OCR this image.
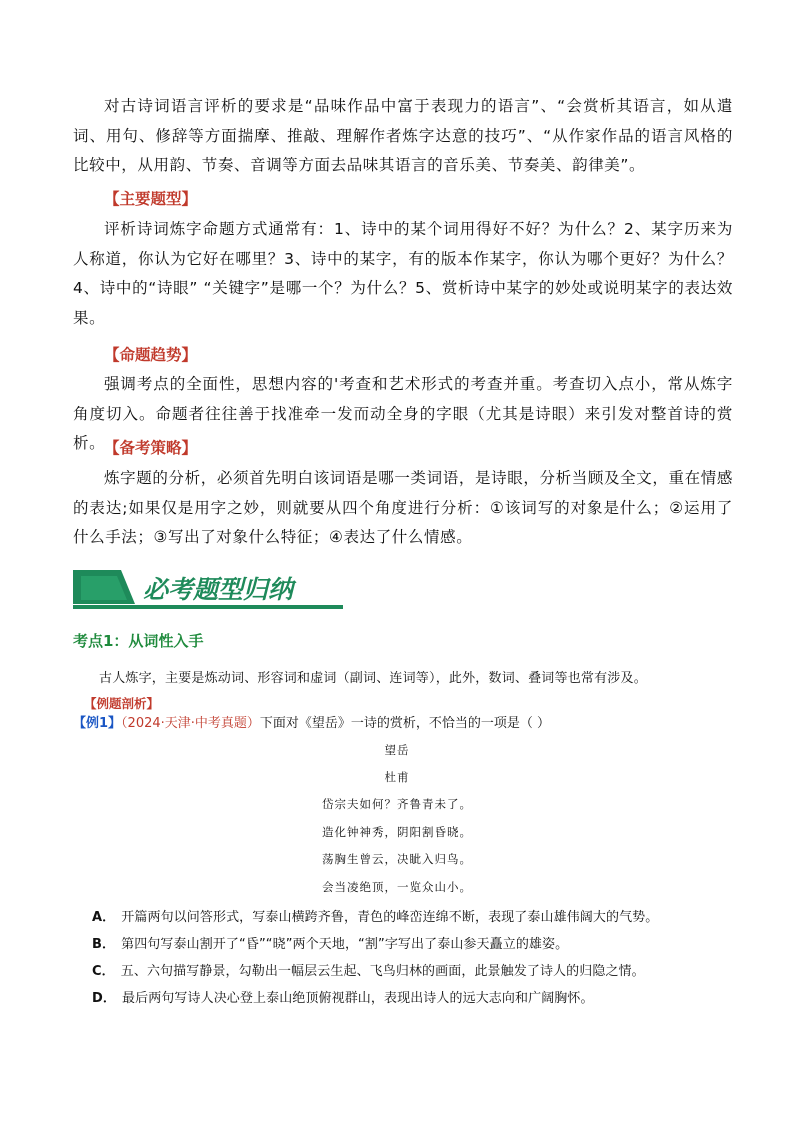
对古诗词语言评析的要求是“品味作品中富于表现力的语言”、“会赏析其语言，如从遣词、用句、修辞等方面揣摩、推敲、理解作者炼字达意的技巧”、“从作家作品的语言风格的比较中，从用韵、节奏、音调等方面去品味其语言的音乐美、节奏美、韵律美”。
【主要题型】
评析诗词炼字命题方式通常有：1、诗中的某个词用得好不好？为什么？2、某字历来为人称道，你认为它好在哪里？3、诗中的某字，有的版本作某字，你认为哪个更好？为什么？4、诗中的“诗眼” “关键字”是哪一个？为什么？5、赏析诗中某字的妙处或说明某字的表达效果。
【命题趋势】
强调考点的全面性，思想内容的'考查和艺术形式的考查并重。考查切入点小，常从炼字角度切入。命题者往往善于找准牵一发而动全身的字眼（尤其是诗眼）来引发对整首诗的赏析。
【备考策略】
炼字题的分析，必须首先明白该词语是哪一类词语，是诗眼，分析当顾及全文，重在情感的表达;如果仅是用字之妙，则就要从四个角度进行分析：①该词写的对象是什么；②运用了什么手法；③写出了对象什么特征；④表达了什么情感。
必考题型归纳
考点1：从词性入手
古人炼字，主要是炼动词、形容词和虚词（副词、连词等），此外，数词、叠词等也常有涉及。
【例题剖析】
【例1】（2024·天津·中考真题）下面对《望岳》一诗的赏析，不恰当的一项是（ ）
望岳
杜甫
岱宗夫如何？齐鲁青未了。
造化钟神秀，阴阳割昏晓。
荡胸生曾云，决眦入归鸟。
会当凌绝顶，一览众山小。
A． 开篇两句以问答形式，写泰山横跨齐鲁，青色的峰峦连绵不断，表现了泰山雄伟阔大的气势。
B． 第四句写泰山割开了“昏”“晓”两个天地，“割”字写出了泰山参天矗立的雄姿。
C． 五、六句描写静景，勾勒出一幅层云生起、飞鸟归林的画面，此景触发了诗人的归隐之情。
D． 最后两句写诗人决心登上泰山绝顶俯视群山，表现出诗人的远大志向和广阔胸怀。
